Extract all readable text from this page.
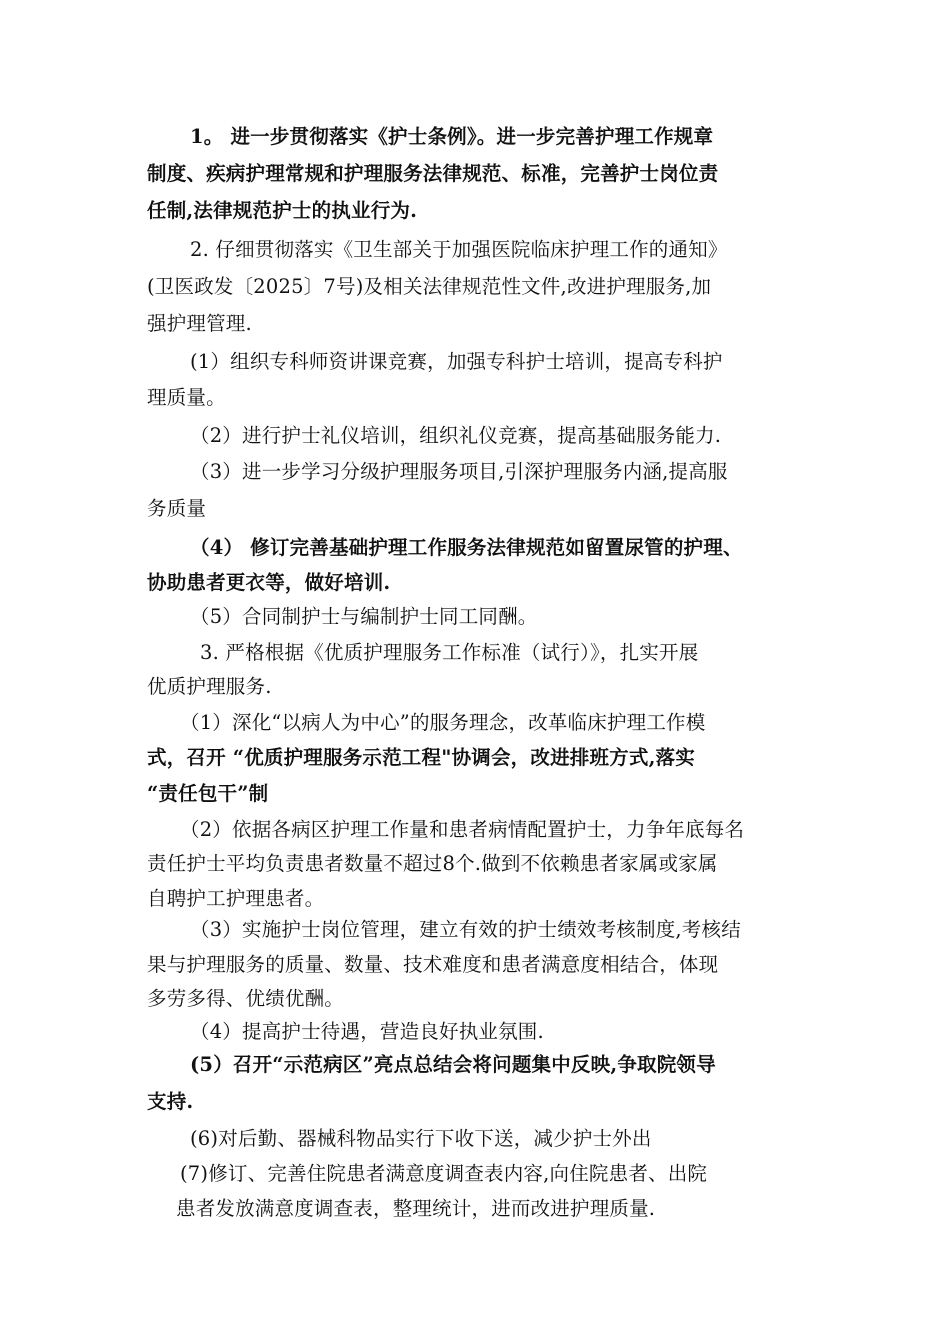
1。 进一步贯彻落实《护士条例》。进一步完善护理工作规章
制度、疾病护理常规和护理服务法律规范、标准，完善护士岗位责
任制,法律规范护士的执业行为.
2. 仔细贯彻落实《卫生部关于加强医院临床护理工作的通知》
(卫医政发〔2025〕7号)及相关法律规范性文件,改进护理服务,加
强护理管理.
(1）组织专科师资讲课竞赛，加强专科护士培训，提高专科护
理质量。
（2）进行护士礼仪培训，组织礼仪竞赛，提高基础服务能力.
（3）进一步学习分级护理服务项目,引深护理服务内涵,提高服
务质量
（4） 修订完善基础护理工作服务法律规范如留置尿管的护理、
协助患者更衣等，做好培训.
（5）合同制护士与编制护士同工同酬。
3. 严格根据《优质护理服务工作标准（试行）》，扎实开展
优质护理服务.
（1）深化“以病人为中心”的服务理念，改革临床护理工作模
式，召开 “优质护理服务示范工程"协调会，改进排班方式,落实
“责任包干”制
（2）依据各病区护理工作量和患者病情配置护士，力争年底每名
责任护士平均负责患者数量不超过8个.做到不依赖患者家属或家属
自聘护工护理患者。
（3）实施护士岗位管理，建立有效的护士绩效考核制度,考核结
果与护理服务的质量、数量、技术难度和患者满意度相结合，体现
多劳多得、优绩优酬。
（4）提高护士待遇，营造良好执业氛围.
(5）召开“示范病区”亮点总结会将问题集中反映,争取院领导
支持.
(6)对后勤、器械科物品实行下收下送，减少护士外出
(7)修订、完善住院患者满意度调查表内容,向住院患者、出院
患者发放满意度调查表，整理统计，进而改进护理质量.
